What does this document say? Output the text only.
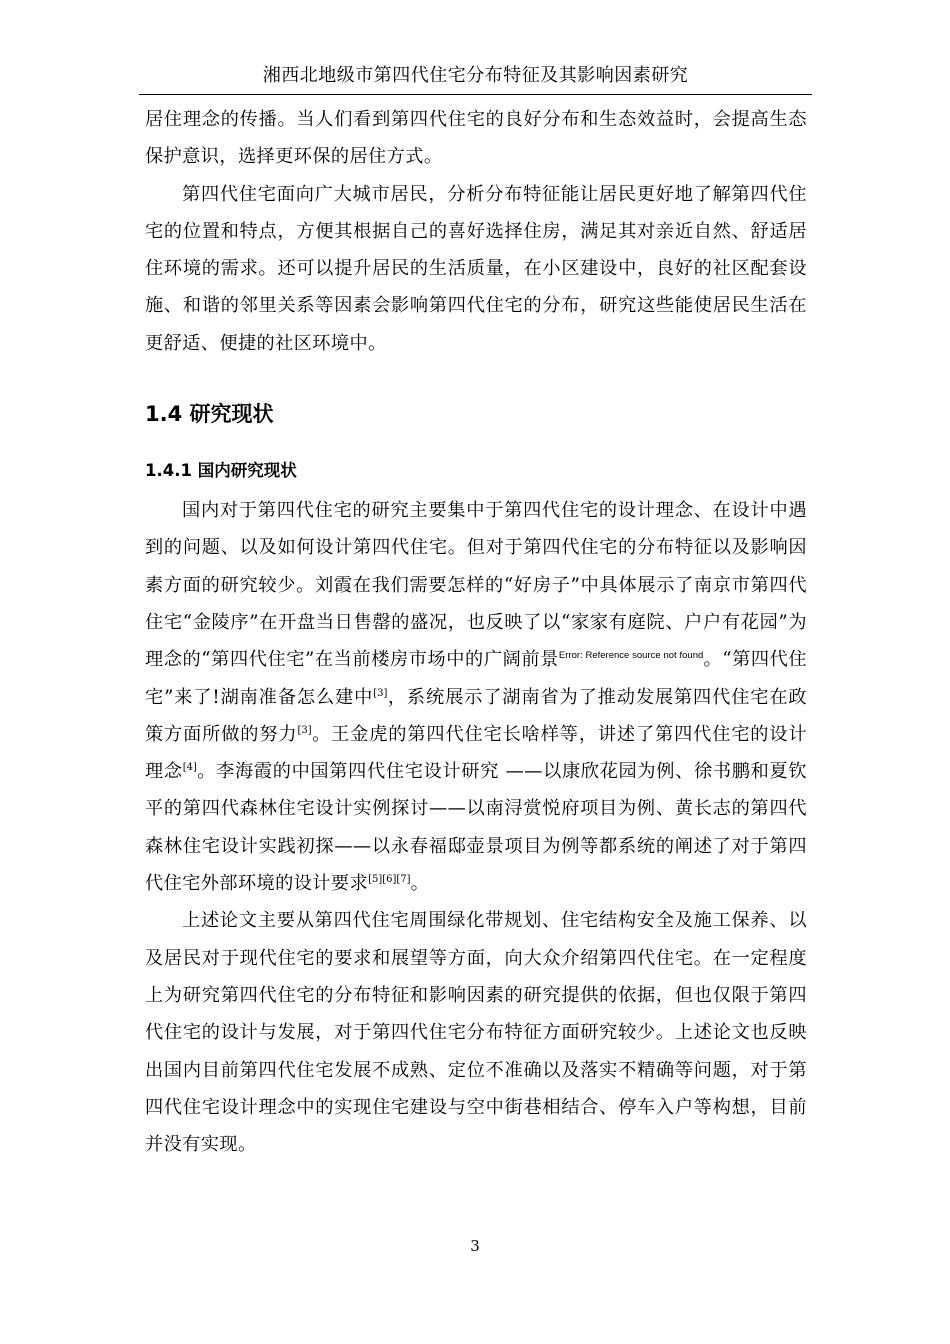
湘西北地级市第四代住宅分布特征及其影响因素研究

居住理念的传播。当人们看到第四代住宅的良好分布和生态效益时，会提高生态保护意识，选择更环保的居住方式。

第四代住宅面向广大城市居民，分析分布特征能让居民更好地了解第四代住宅的位置和特点，方便其根据自己的喜好选择住房，满足其对亲近自然、舒适居住环境的需求。还可以提升居民的生活质量，在小区建设中，良好的社区配套设施、和谐的邻里关系等因素会影响第四代住宅的分布，研究这些能使居民生活在更舒适、便捷的社区环境中。

1.4 研究现状
1.4.1 国内研究现状

国内对于第四代住宅的研究主要集中于第四代住宅的设计理念、在设计中遇到的问题、以及如何设计第四代住宅。但对于第四代住宅的分布特征以及影响因素方面的研究较少。刘霞在我们需要怎样的“好房子”中具体展示了南京市第四代住宅“金陵序”在开盘当日售罄的盛况，也反映了以“家家有庭院、户户有花园”为理念的“第四代住宅”在当前楼房市场中的广阔前景$^{Error: Reference source not found}$。“第四代住宅”来了!湖南准备怎么建中[3]，系统展示了湖南省为了推动发展第四代住宅在政策方面所做的努力[3]。王金虎的第四代住宅长啥样等，讲述了第四代住宅的设计理念[4]。李海霞的中国第四代住宅设计研究 ——以康欣花园为例、徐书鹏和夏钦平的第四代森林住宅设计实例探讨——以南浔赏悦府项目为例、黄长志的第四代森林住宅设计实践初探——以永春福邸壶景项目为例等都系统的阐述了对于第四代住宅外部环境的设计要求[5][6][7]。

上述论文主要从第四代住宅周围绿化带规划、住宅结构安全及施工保养、以及居民对于现代住宅的要求和展望等方面，向大众介绍第四代住宅。在一定程度上为研究第四代住宅的分布特征和影响因素的研究提供的依据，但也仅限于第四代住宅的设计与发展，对于第四代住宅分布特征方面研究较少。上述论文也反映出国内目前第四代住宅发展不成熟、定位不准确以及落实不精确等问题，对于第四代住宅设计理念中的实现住宅建设与空中街巷相结合、停车入户等构想，目前并没有实现。

3
